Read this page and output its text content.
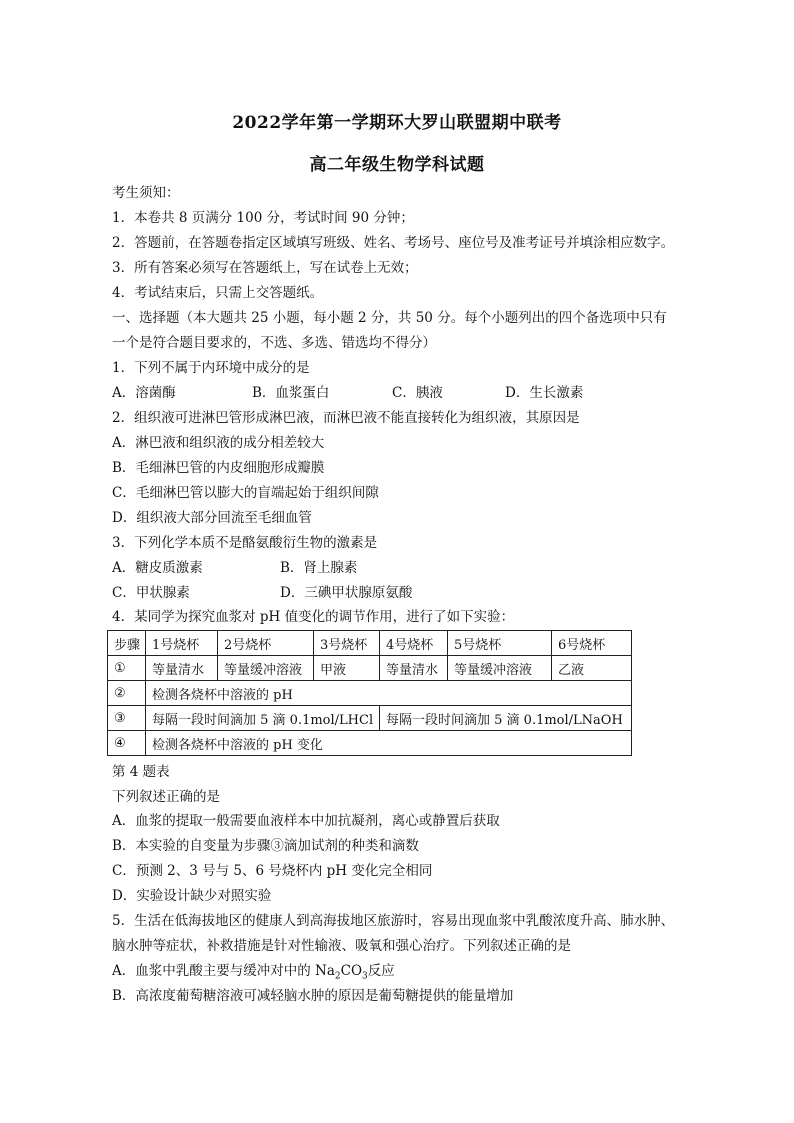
2022学年第一学期环大罗山联盟期中联考
高二年级生物学科试题
考生须知：
1．本卷共 8 页满分 100 分，考试时间 90 分钟；
2．答题前，在答题卷指定区域填写班级、姓名、考场号、座位号及准考证号并填涂相应数字。
3．所有答案必须写在答题纸上，写在试卷上无效；
4．考试结束后，只需上交答题纸。
一、选择题（本大题共 25 小题，每小题 2 分，共 50 分。每个小题列出的四个备选项中只有
一个是符合题目要求的，不选、多选、错选均不得分）
1．下列不属于内环境中成分的是
A．溶菌酶	B．血浆蛋白	C．胰液	D．生长激素
2．组织液可进淋巴管形成淋巴液，而淋巴液不能直接转化为组织液，其原因是
A．淋巴液和组织液的成分相差较大
B．毛细淋巴管的内皮细胞形成瓣膜
C．毛细淋巴管以膨大的盲端起始于组织间隙
D．组织液大部分回流至毛细血管
3．下列化学本质不是酪氨酸衍生物的激素是
A．糖皮质激素	B．肾上腺素
C．甲状腺素	D．三碘甲状腺原氨酸
4．某同学为探究血浆对 pH 值变化的调节作用，进行了如下实验：
步骤	1号烧杯	2号烧杯	3号烧杯	4号烧杯	5号烧杯	6号烧杯
①	等量清水	等量缓冲溶液	甲液	等量清水	等量缓冲溶液	乙液
②	检测各烧杯中溶液的 pH					
③	每隔一段时间滴加 5 滴 0.1mol/LHCl			每隔一段时间滴加 5 滴 0.1mol/LNaOH		
④	检测各烧杯中溶液的 pH 变化					
第 4 题表
下列叙述正确的是
A．血浆的提取一般需要血液样本中加抗凝剂，离心或静置后获取
B．本实验的自变量为步骤③滴加试剂的种类和滴数
C．预测 2、3 号与 5、6 号烧杯内 pH 变化完全相同
D．实验设计缺少对照实验
5．生活在低海拔地区的健康人到高海拔地区旅游时，容易出现血浆中乳酸浓度升高、肺水肿、
脑水肿等症状，补救措施是针对性输液、吸氧和强心治疗。下列叙述正确的是
A．血浆中乳酸主要与缓冲对中的 $Na_2CO_3$反应
B．高浓度葡萄糖溶液可减轻脑水肿的原因是葡萄糖提供的能量增加
